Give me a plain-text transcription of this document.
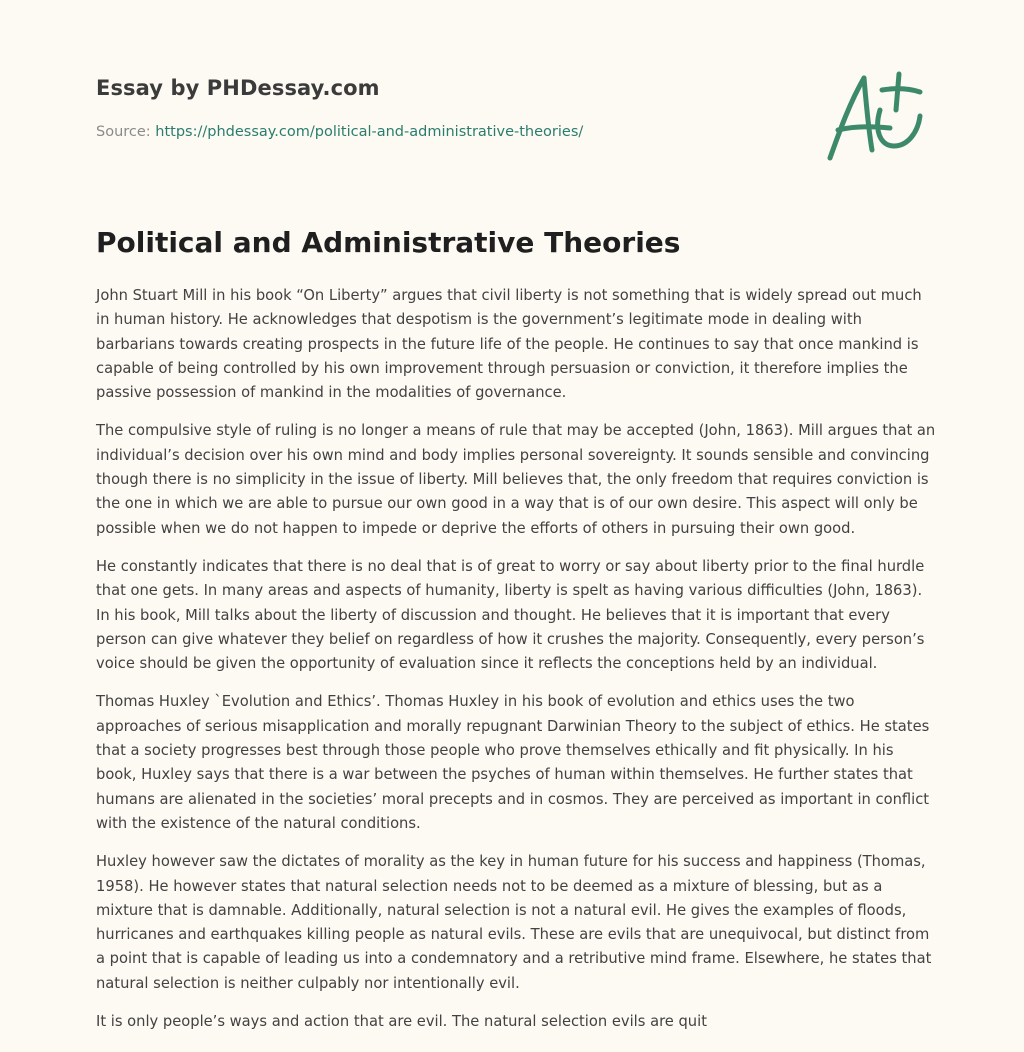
Essay by PHDessay.com
Source: https://phdessay.com/political-and-administrative-theories/
Political and Administrative Theories

John Stuart Mill in his book “On Liberty” argues that civil liberty is not something that is widely spread out much in human history. He acknowledges that despotism is the government’s legitimate mode in dealing with barbarians towards creating prospects in the future life of the people. He continues to say that once mankind is capable of being controlled by his own improvement through persuasion or conviction, it therefore implies the passive possession of mankind in the modalities of governance.

The compulsive style of ruling is no longer a means of rule that may be accepted (John, 1863). Mill argues that an individual’s decision over his own mind and body implies personal sovereignty. It sounds sensible and convincing though there is no simplicity in the issue of liberty. Mill believes that, the only freedom that requires conviction is the one in which we are able to pursue our own good in a way that is of our own desire. This aspect will only be possible when we do not happen to impede or deprive the efforts of others in pursuing their own good.

He constantly indicates that there is no deal that is of great to worry or say about liberty prior to the final hurdle that one gets. In many areas and aspects of humanity, liberty is spelt as having various difficulties (John, 1863). In his book, Mill talks about the liberty of discussion and thought. He believes that it is important that every person can give whatever they belief on regardless of how it crushes the majority. Consequently, every person’s voice should be given the opportunity of evaluation since it reflects the conceptions held by an individual.

Thomas Huxley `Evolution and Ethics’. Thomas Huxley in his book of evolution and ethics uses the two approaches of serious misapplication and morally repugnant Darwinian Theory to the subject of ethics. He states that a society progresses best through those people who prove themselves ethically and fit physically. In his book, Huxley says that there is a war between the psyches of human within themselves. He further states that humans are alienated in the societies’ moral precepts and in cosmos. They are perceived as important in conflict with the existence of the natural conditions.

Huxley however saw the dictates of morality as the key in human future for his success and happiness (Thomas, 1958). He however states that natural selection needs not to be deemed as a mixture of blessing, but as a mixture that is damnable. Additionally, natural selection is not a natural evil. He gives the examples of floods, hurricanes and earthquakes killing people as natural evils. These are evils that are unequivocal, but distinct from a point that is capable of leading us into a condemnatory and a retributive mind frame. Elsewhere, he states that natural selection is neither culpably nor intentionally evil.

It is only people’s ways and action that are evil. The natural selection evils are quit
